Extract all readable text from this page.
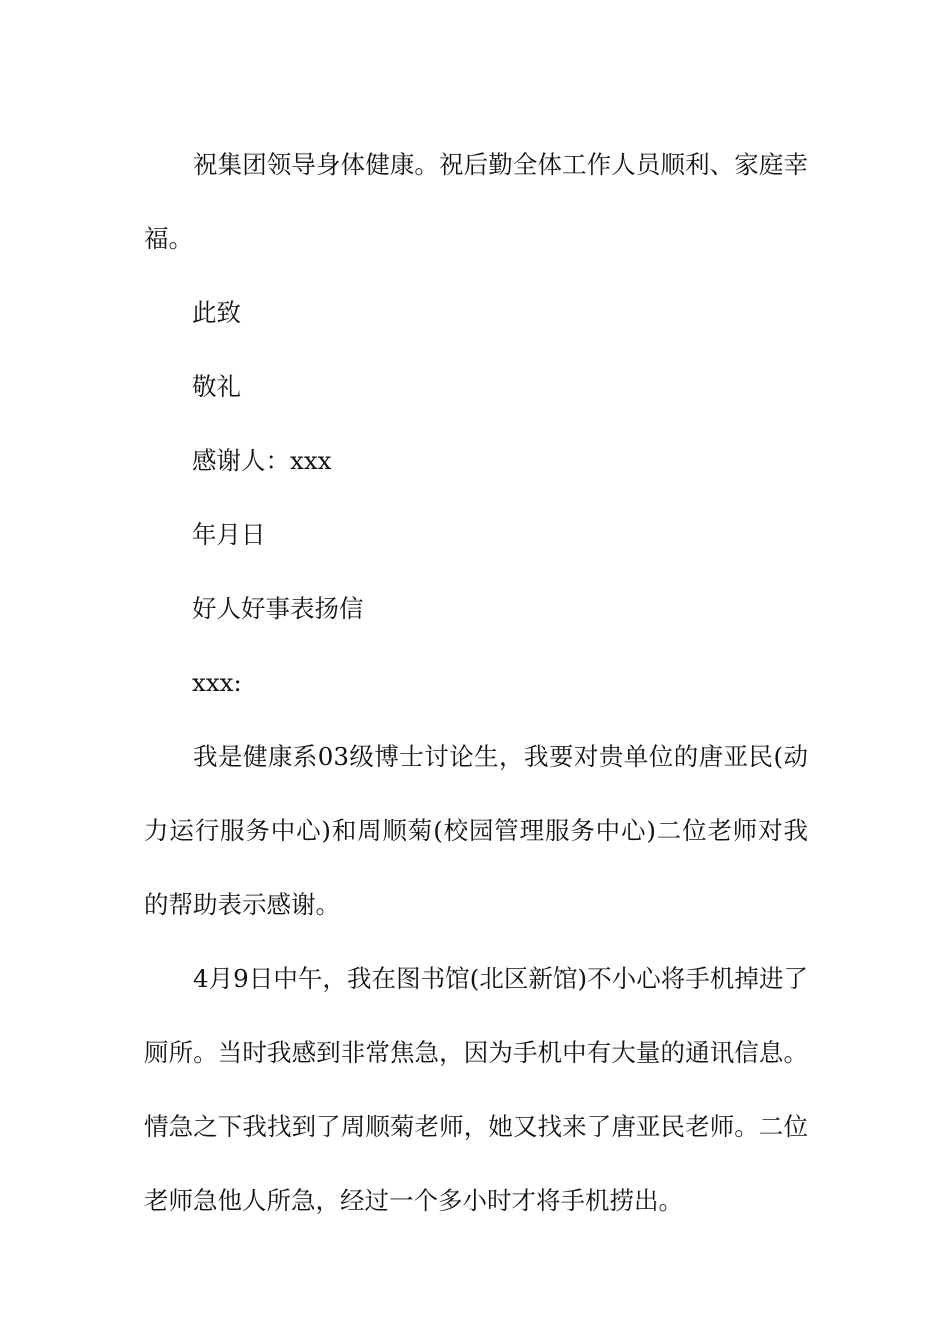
祝集团领导身体健康。祝后勤全体工作人员顺利、家庭幸福。

此致

敬礼

感谢人：xxx

年月日

好人好事表扬信

xxx:

我是健康系03级博士讨论生，我要对贵单位的唐亚民(动力运行服务中心)和周顺菊(校园管理服务中心)二位老师对我的帮助表示感谢。

4月9日中午，我在图书馆(北区新馆)不小心将手机掉进了厕所。当时我感到非常焦急，因为手机中有大量的通讯信息。情急之下我找到了周顺菊老师，她又找来了唐亚民老师。二位老师急他人所急，经过一个多小时才将手机捞出。
